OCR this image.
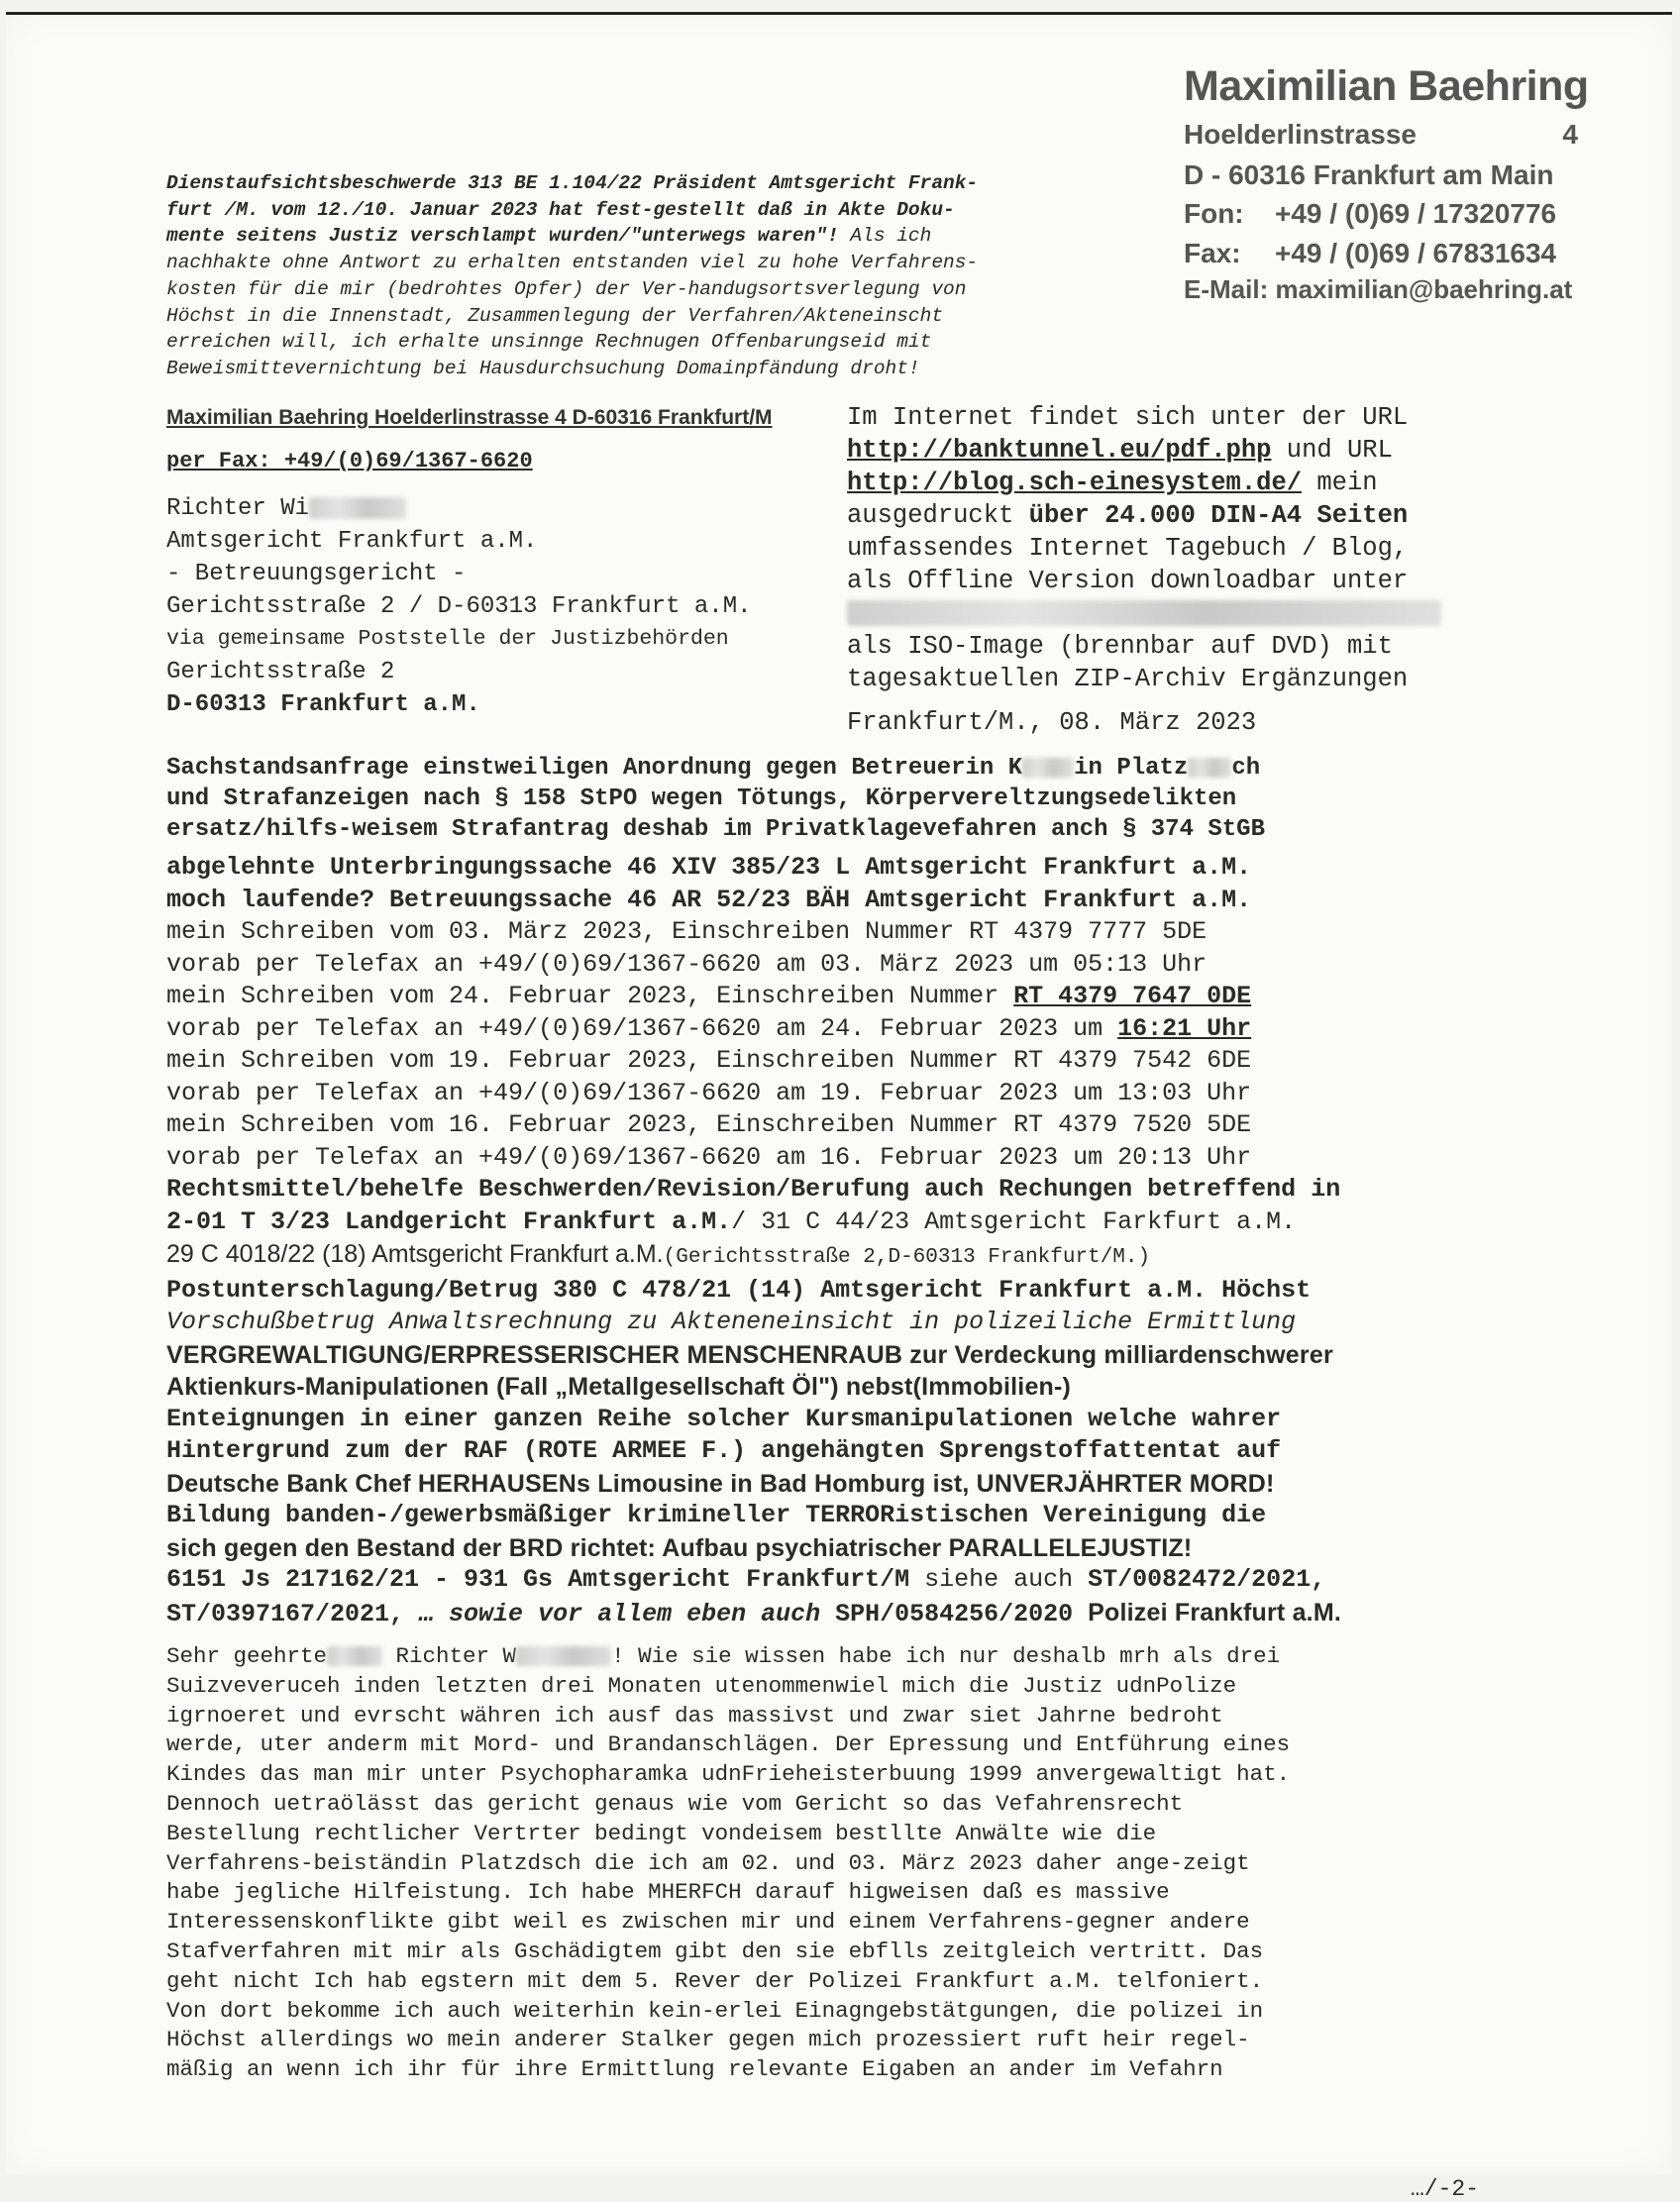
Maximilian Baehring
Hoelderlinstrasse	4
D - 60316 Frankfurt am Main
Fon: +49 / (0)69 / 17320776
Fax: +49 / (0)69 / 67831634
E-Mail: maximilian@baehring.at
Dienstaufsichtsbeschwerde 313 BE 1.104/22 Präsident Amtsgericht Frank-
furt /M. vom 12./10. Januar 2023 hat fest-gestellt daß in Akte Doku-
mente seitens Justiz verschlampt wurden/"unterwegs waren"! Als ich
nachhakte ohne Antwort zu erhalten entstanden viel zu hohe Verfahrens-
kosten für die mir (bedrohtes Opfer) der Ver-handugsortsverlegung von
Höchst in die Innenstadt, Zusammenlegung der Verfahren/Akteneinscht
erreichen will, ich erhalte unsinnge Rechnugen Offenbarungseid mit
Beweismittevernichtung bei Hausdurchsuchung Domainpfändung droht!
Maximilian Baehring Hoelderlinstrasse 4 D-60316 Frankfurt/M
per Fax: +49/(0)69/1367-6620
Richter Wi
Amtsgericht Frankfurt a.M.
- Betreuungsgericht -
Gerichtsstraße 2 / D-60313 Frankfurt a.M.
via gemeinsame Poststelle der Justizbehörden
Gerichtsstraße 2
D-60313 Frankfurt a.M.
Im Internet findet sich unter der URL
http://banktunnel.eu/pdf.php und URL
http://blog.sch-einesystem.de/ mein
ausgedruckt über 24.000 DIN-A4 Seiten
umfassendes Internet Tagebuch / Blog,
als Offline Version downloadbar unter
als ISO-Image (brennbar auf DVD) mit
tagesaktuellen ZIP-Archiv Ergänzungen
Frankfurt/M., 08. März 2023
Sachstandsanfrage einstweiligen Anordnung gegen Betreuerin K in Platz ch
und Strafanzeigen nach § 158 StPO wegen Tötungs, Körpervereltzungsedelikten
ersatz/hilfs-weisem Strafantrag deshab im Privatklagevefahren anch § 374 StGB
abgelehnte Unterbringungssache 46 XIV 385/23 L Amtsgericht Frankfurt a.M.
moch laufende? Betreuungssache 46 AR 52/23 BÄH Amtsgericht Frankfurt a.M.
mein Schreiben vom 03. März 2023, Einschreiben Nummer RT 4379 7777 5DE
vorab per Telefax an +49/(0)69/1367-6620 am 03. März 2023 um 05:13 Uhr
mein Schreiben vom 24. Februar 2023, Einschreiben Nummer RT 4379 7647 0DE
vorab per Telefax an +49/(0)69/1367-6620 am 24. Februar 2023 um 16:21 Uhr
mein Schreiben vom 19. Februar 2023, Einschreiben Nummer RT 4379 7542 6DE
vorab per Telefax an +49/(0)69/1367-6620 am 19. Februar 2023 um 13:03 Uhr
mein Schreiben vom 16. Februar 2023, Einschreiben Nummer RT 4379 7520 5DE
vorab per Telefax an +49/(0)69/1367-6620 am 16. Februar 2023 um 20:13 Uhr
Rechtsmittel/behelfe Beschwerden/Revision/Berufung auch Rechungen betreffend in
2-01 T 3/23 Landgericht Frankfurt a.M./ 31 C 44/23 Amtsgericht Farkfurt a.M.
29 C 4018/22 (18) Amtsgericht Frankfurt a.M.(Gerichtsstraße 2,D-60313 Frankfurt/M.)
Postunterschlagung/Betrug 380 C 478/21 (14) Amtsgericht Frankfurt a.M. Höchst
Vorschußbetrug Anwaltsrechnung zu Akteneneinsicht in polizeiliche Ermittlung
VERGREWALTIGUNG/ERPRESSERISCHER MENSCHENRAUB zur Verdeckung milliardenschwerer
Aktienkurs-Manipulationen (Fall „Metallgesellschaft Öl") nebst(Immobilien-)
Enteignungen in einer ganzen Reihe solcher Kursmanipulationen welche wahrer
Hintergrund zum der RAF (ROTE ARMEE F.) angehängten Sprengstoffattentat auf
Deutsche Bank Chef HERHAUSENs Limousine in Bad Homburg ist, UNVERJÄHRTER MORD!
Bildung banden-/gewerbsmäßiger krimineller TERRORistischen Vereinigung die
sich gegen den Bestand der BRD richtet: Aufbau psychiatrischer PARALLELEJUSTIZ!
6151 Js 217162/21 - 931 Gs Amtsgericht Frankfurt/M siehe auch ST/0082472/2021,
ST/0397167/2021, … sowie vor allem eben auch SPH/0584256/2020 Polizei Frankfurt a.M.
Sehr geehrte Richter W	! Wie sie wissen habe ich nur deshalb mrh als drei
Suizveveruceh inden letzten drei Monaten utenommenwiel mich die Justiz udnPolize
igrnoeret und evrscht währen ich ausf das massivst und zwar siet Jahrne bedroht
werde, uter anderm mit Mord- und Brandanschlägen. Der Epressung und Entführung eines
Kindes das man mir unter Psychopharamka udnFrieheisterbuung 1999 anvergewaltigt hat.
Dennoch uetraölässt das gericht genaus wie vom Gericht so das Vefahrensrecht
Bestellung rechtlicher Vertrter bedingt vondeisem bestllte Anwälte wie die
Verfahrens-beiständin Platzdsch die ich am 02. und 03. März 2023 daher ange-zeigt
habe jegliche Hilfeistung. Ich habe MHERFCH darauf higweisen daß es massive
Interessenskonflikte gibt weil es zwischen mir und einem Verfahrens-gegner andere
Stafverfahren mit mir als Gschädigtem gibt den sie ebflls zeitgleich vertritt. Das
geht nicht Ich hab egstern mit dem 5. Rever der Polizei Frankfurt a.M. telfoniert.
Von dort bekomme ich auch weiterhin kein-erlei Einagngebstätgungen, die polizei in
Höchst allerdings wo mein anderer Stalker gegen mich prozessiert ruft heir regel-
mäßig an wenn ich ihr für ihre Ermittlung relevante Eigaben an ander im Vefahrn
…/-2-
